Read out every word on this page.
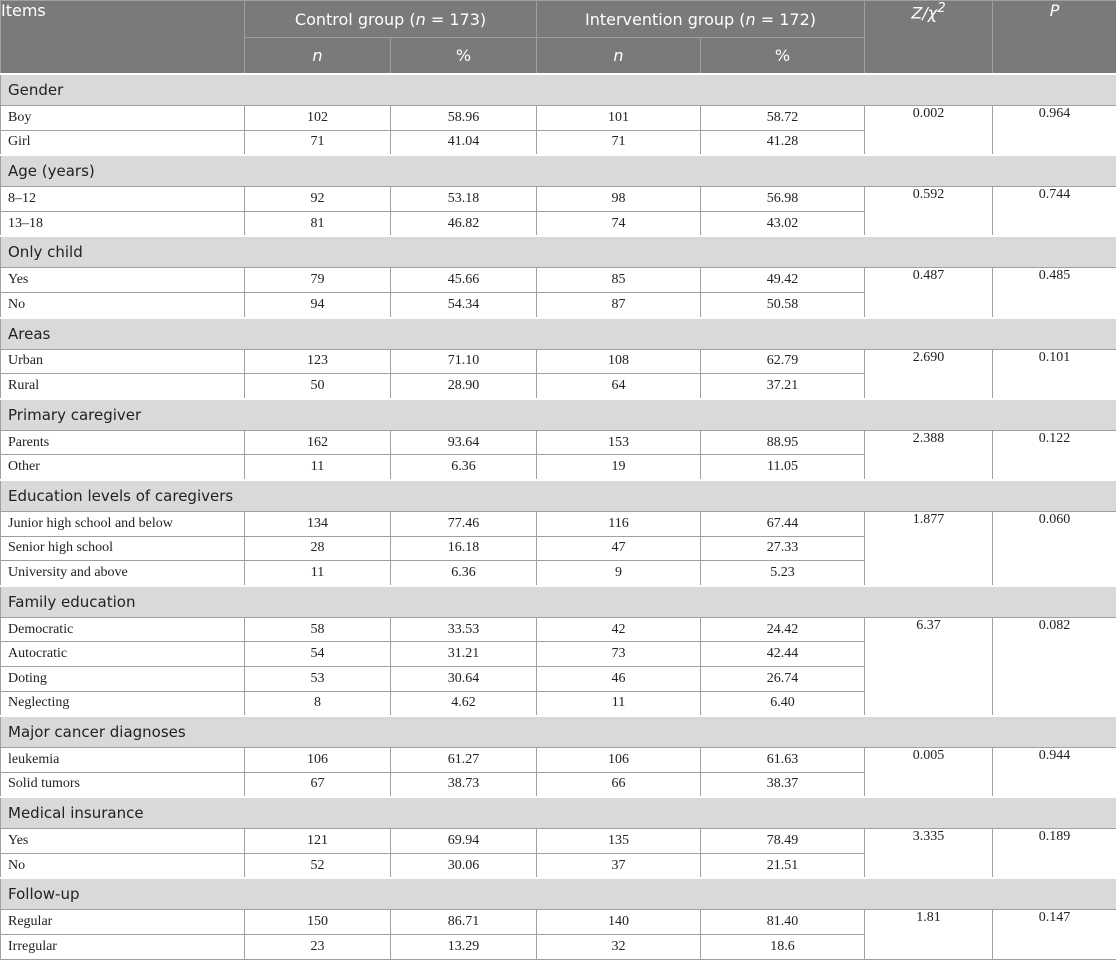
Items	Control group (n = 173)		Intervention group (n = 172)		$Z/\chi^2$	P
	n	%	n	%		
Gender						
Boy	102	58.96	101	58.72	0.002	0.964
Girl	71	41.04	71	41.28		
Age (years)						
8–12	92	53.18	98	56.98	0.592	0.744
13–18	81	46.82	74	43.02		
Only child						
Yes	79	45.66	85	49.42	0.487	0.485
No	94	54.34	87	50.58		
Areas						
Urban	123	71.10	108	62.79	2.690	0.101
Rural	50	28.90	64	37.21		
Primary caregiver						
Parents	162	93.64	153	88.95	2.388	0.122
Other	11	6.36	19	11.05		
Education levels of caregivers						
Junior high school and below	134	77.46	116	67.44	1.877	0.060
Senior high school	28	16.18	47	27.33		
University and above	11	6.36	9	5.23		
Family education						
Democratic	58	33.53	42	24.42	6.37	0.082
Autocratic	54	31.21	73	42.44		
Doting	53	30.64	46	26.74		
Neglecting	8	4.62	11	6.40		
Major cancer diagnoses						
leukemia	106	61.27	106	61.63	0.005	0.944
Solid tumors	67	38.73	66	38.37		
Medical insurance						
Yes	121	69.94	135	78.49	3.335	0.189
No	52	30.06	37	21.51		
Follow-up						
Regular	150	86.71	140	81.40	1.81	0.147
Irregular	23	13.29	32	18.6		
